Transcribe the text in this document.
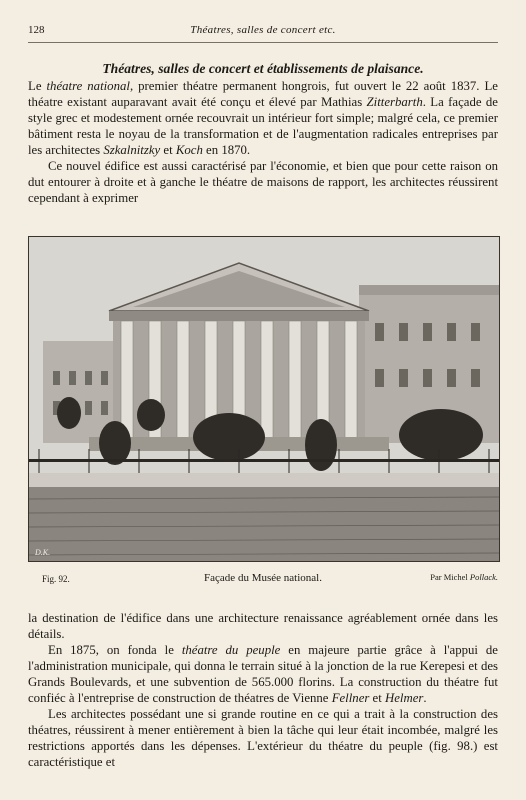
128	Théatres, salles de concert etc.
Théatres, salles de concert et établissements de plaisance.

Le théatre national, premier théatre permanent hongrois, fut ouvert le 22 août 1837. Le théatre existant auparavant avait été conçu et élevé par Mathias Zitterbarth. La façade de style grec et modestement ornée recouvrait un intérieur fort simple; malgré cela, ce premier bâtiment resta le noyau de la transformation et de l'augmentation radicales entreprises par les architectes Szkalnitzky et Koch en 1870.

Ce nouvel édifice est aussi caractérisé par l'économie, et bien que pour cette raison on dut entourer à droite et à ganche le théatre de maisons de rapport, les architectes réussirent cependant à exprimer

D.K.
Fig. 92.	Façade du Musée national.	Par Michel Pollack.

la destination de l'édifice dans une architecture renaissance agréablement ornée dans les détails.

En 1875, on fonda le théatre du peuple en majeure partie grâce à l'appui de l'administration municipale, qui donna le terrain situé à la jonction de la rue Kerepesi et des Grands Boulevards, et une subvention de 565.000 florins. La construction du théatre fut confiéc à l'entreprise de construction de théatres de Vienne Fellner et Helmer.

Les architectes possédant une si grande routine en ce qui a trait à la construction des théatres, réussirent à mener entièrement à bien la tâche qui leur était incombée, malgré les restrictions apportés dans les dépenses. L'extérieur du théatre du peuple (fig. 98.) est caractéristique et
